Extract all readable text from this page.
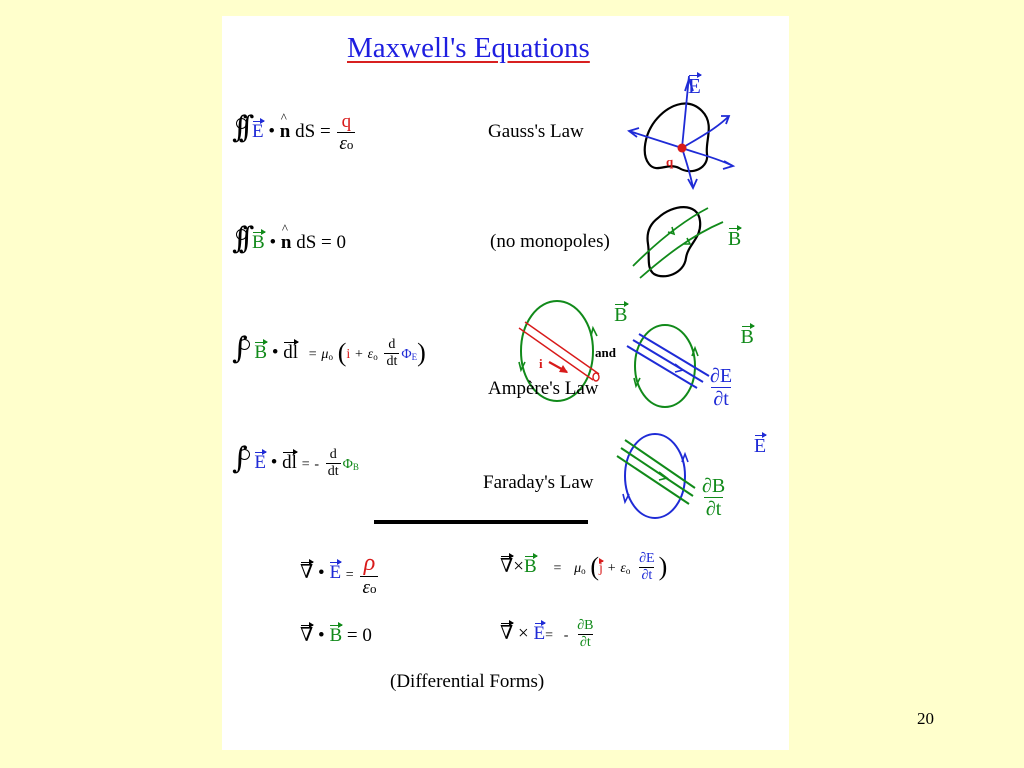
Maxwell's Equations
∫∫ E • ^ n dS = $\frac{q}{\varepsilon o}$	Gauss's Law
q
E
∫∫ B • ^ n dS = 0	(no monopoles)	B
∫ B • dl = $\mu_o$ $(i + \varepsilon_o \frac{d}{dt} \Phi_E)$	i
B
and
B
$\frac{\partial E}{\partial t}$
Ampère's Law
∫ E • dl = - $\frac{d}{dt} \Phi_B$
Faraday's Law
E
$\frac{\partial B}{\partial t}$
∇ • $E = \frac{\rho}{\varepsilon o}$	$\nabla\times B = \mu_o$ ($j + \varepsilon_o \frac{\partial E}{\partial t}$ )
∇ • B = 0	∇ × $E= - \frac{\partial B}{\partial t}$
(Differential Forms)
20
